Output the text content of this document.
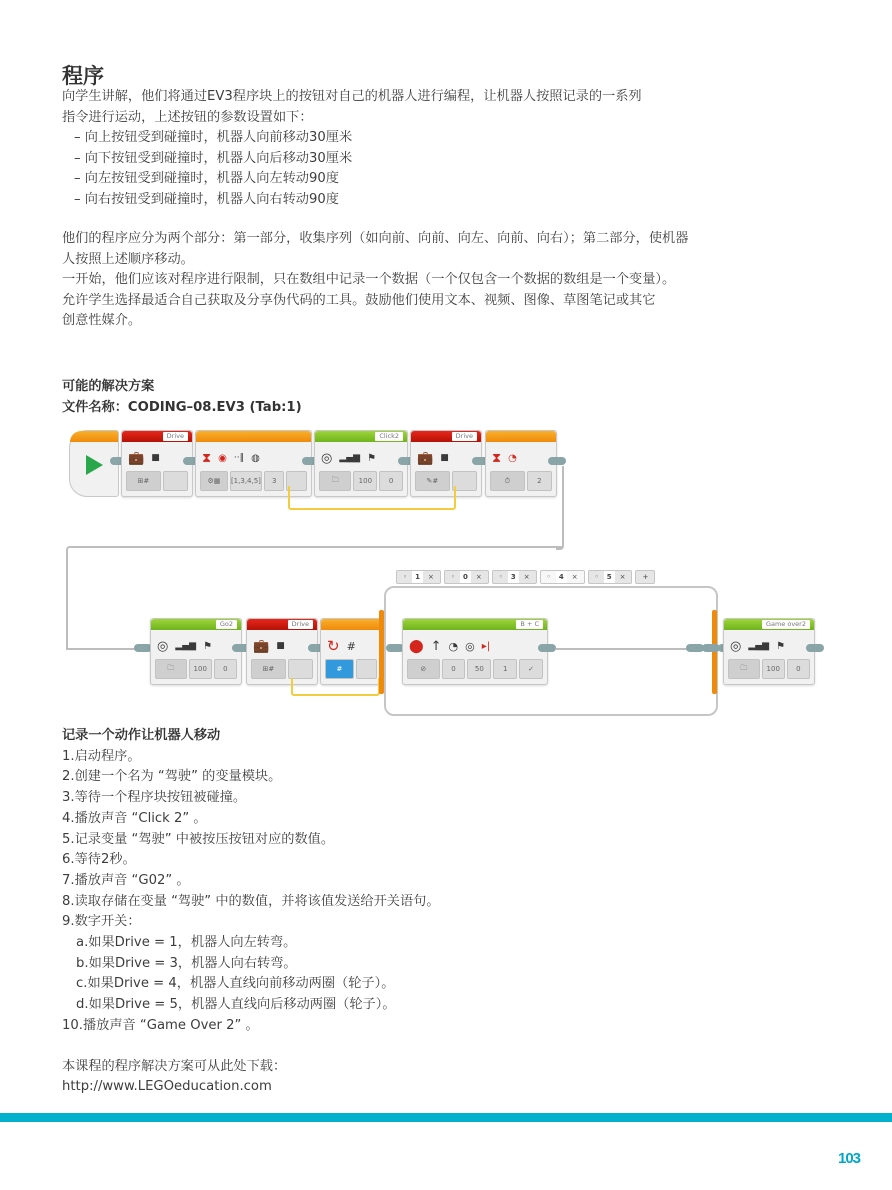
程序
向学生讲解，他们将通过EV3程序块上的按钮对自己的机器人进行编程，让机器人按照记录的一系列
指令进行运动，上述按钮的参数设置如下：
– 向上按钮受到碰撞时，机器人向前移动30厘米
– 向下按钮受到碰撞时，机器人向后移动30厘米
– 向左按钮受到碰撞时，机器人向左转动90度
– 向右按钮受到碰撞时，机器人向右转动90度
他们的程序应分为两个部分：第一部分，收集序列（如向前、向前、向左、向前、向右）；第二部分，使机器
人按照上述顺序移动。
一开始，他们应该对程序进行限制，只在数组中记录一个数据（一个仅包含一个数据的数组是一个变量）。
允许学生选择最适合自己获取及分享伪代码的工具。鼓励他们使用文本、视频、图像、草图笔记或其它
创意性媒介。
可能的解决方案
文件名称：CODING–08.EV3 (Tab:1)
Drive
💼 ■
⊞#
⧗ ◉ ··‖ ◍
⚙▦	[1,3,4,5]	3
Click2
◎ ▂▄▆ ⚑
🗀	100	0
Drive
💼 ■
✎#
⧗ ◔
⏱	2
Go2
◎ ▂▄▆ ⚑
🗀	100	0
Drive
💼 ■
⊞#
↻ #
#
◦	1	× ◦	0	× ◦	3	× ◦	4	× ◦	5	×	+
B + C
⬤ ↑ ◔ ◎ ▸|
⊘	0	50	1	✓
Game over2
◎ ▂▄▆ ⚑
🗀	100	0
记录一个动作让机器人移动
1.启动程序。
2.创建一个名为 “驾驶” 的变量模块。
3.等待一个程序块按钮被碰撞。
4.播放声音 “Click 2” 。
5.记录变量 “驾驶” 中被按压按钮对应的数值。
6.等待2秒。
7.播放声音 “G02” 。
8.读取存储在变量 “驾驶” 中的数值，并将该值发送给开关语句。
9.数字开关：
a.如果Drive = 1，机器人向左转弯。
b.如果Drive = 3，机器人向右转弯。
c.如果Drive = 4，机器人直线向前移动两圈（轮子）。
d.如果Drive = 5，机器人直线向后移动两圈（轮子）。
10.播放声音 “Game Over 2” 。
本课程的程序解决方案可从此处下载：
http://www.LEGOeducation.com
103
